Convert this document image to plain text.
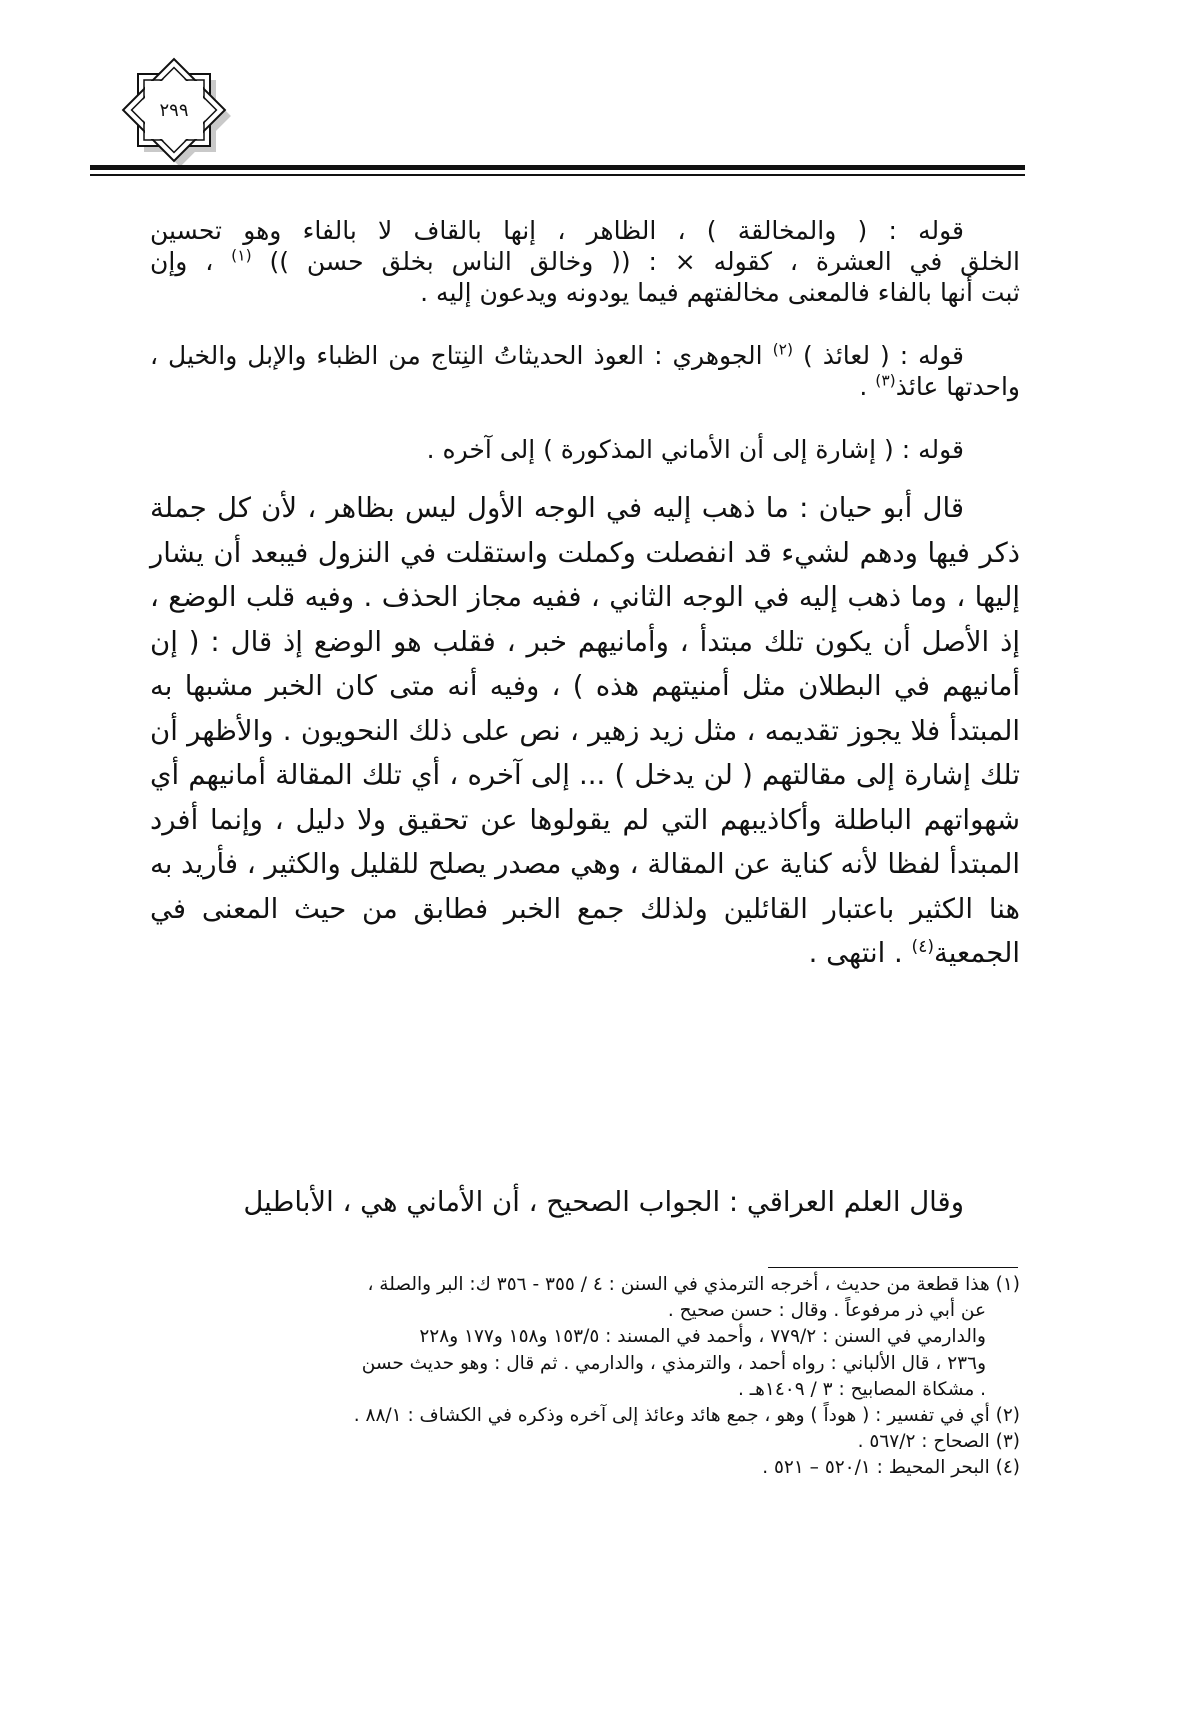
٢٩٩

قوله : ( والمخالقة ) ، الظاهر ، إنها بالقاف لا بالفاء وهو تحسين

الخلق في العشرة ، كقوله × : (( وخالق الناس بخلق حسن )) $^{(١)}$ ، وإن

ثبت أنها بالفاء فالمعنى مخالفتهم فيما يودونه ويدعون إليه .

قوله : ( لعائذ ) $^{(٢)}$ الجوهري : العوذ الحديثاتُ النِتاج من الظباء والإبل والخيل ، واحدتها عائذ$^{(٣)}$ .

قوله : ( إشارة إلى أن الأماني المذكورة ) إلى آخره .

قال أبو حيان : ما ذهب إليه في الوجه الأول ليس بظاهر ، لأن كل جملة ذكر فيها ودهم لشيء قد انفصلت وكملت واستقلت في النزول فيبعد أن يشار إليها ، وما ذهب إليه في الوجه الثاني ، ففيه مجاز الحذف . وفيه قلب الوضع ، إذ الأصل أن يكون تلك مبتدأ ، وأمانيهم خبر ، فقلب هو الوضع إذ قال : ( إن أمانيهم في البطلان مثل أمنيتهم هذه ) ، وفيه أنه متى كان الخبر مشبها به المبتدأ فلا يجوز تقديمه ، مثل زيد زهير ، نص على ذلك النحويون . والأظهر أن تلك إشارة إلى مقالتهم ( لن يدخل ) ... إلى آخره ، أي تلك المقالة أمانيهم أي شهواتهم الباطلة وأكاذيبهم التي لم يقولوها عن تحقيق ولا دليل ، وإنما أفرد المبتدأ لفظا لأنه كناية عن المقالة ، وهي مصدر يصلح للقليل والكثير ، فأريد به هنا الكثير باعتبار القائلين ولذلك جمع الخبر فطابق من حيث المعنى في الجمعية$^{(٤)}$ . انتهى .

وقال العلم العراقي : الجواب الصحيح ، أن الأماني هي ، الأباطيل

(١) هذا قطعة من حديث ، أخرجه الترمذي في السنن : ٤ / ٣٥٥ - ٣٥٦ ك: البر والصلة ،

عن أبي ذر مرفوعاً . وقال : حسن صحيح .

والدارمي في السنن : ٧٧٩/٢ ، وأحمد في المسند : ١٥٣/٥ و١٥٨ و١٧٧ و٢٢٨

و٢٣٦ ، قال الألباني : رواه أحمد ، والترمذي ، والدارمي . ثم قال : وهو حديث حسن

. مشكاة المصابيح : ٣ / ١٤٠٩هـ .

(٢) أي في تفسير : ( هوداً ) وهو ، جمع هائد وعائذ إلى آخره وذكره في الكشاف : ٨٨/١ .

(٣) الصحاح : ٥٦٧/٢ .

(٤) البحر المحيط : ٥٢٠/١ – ٥٢١ .
